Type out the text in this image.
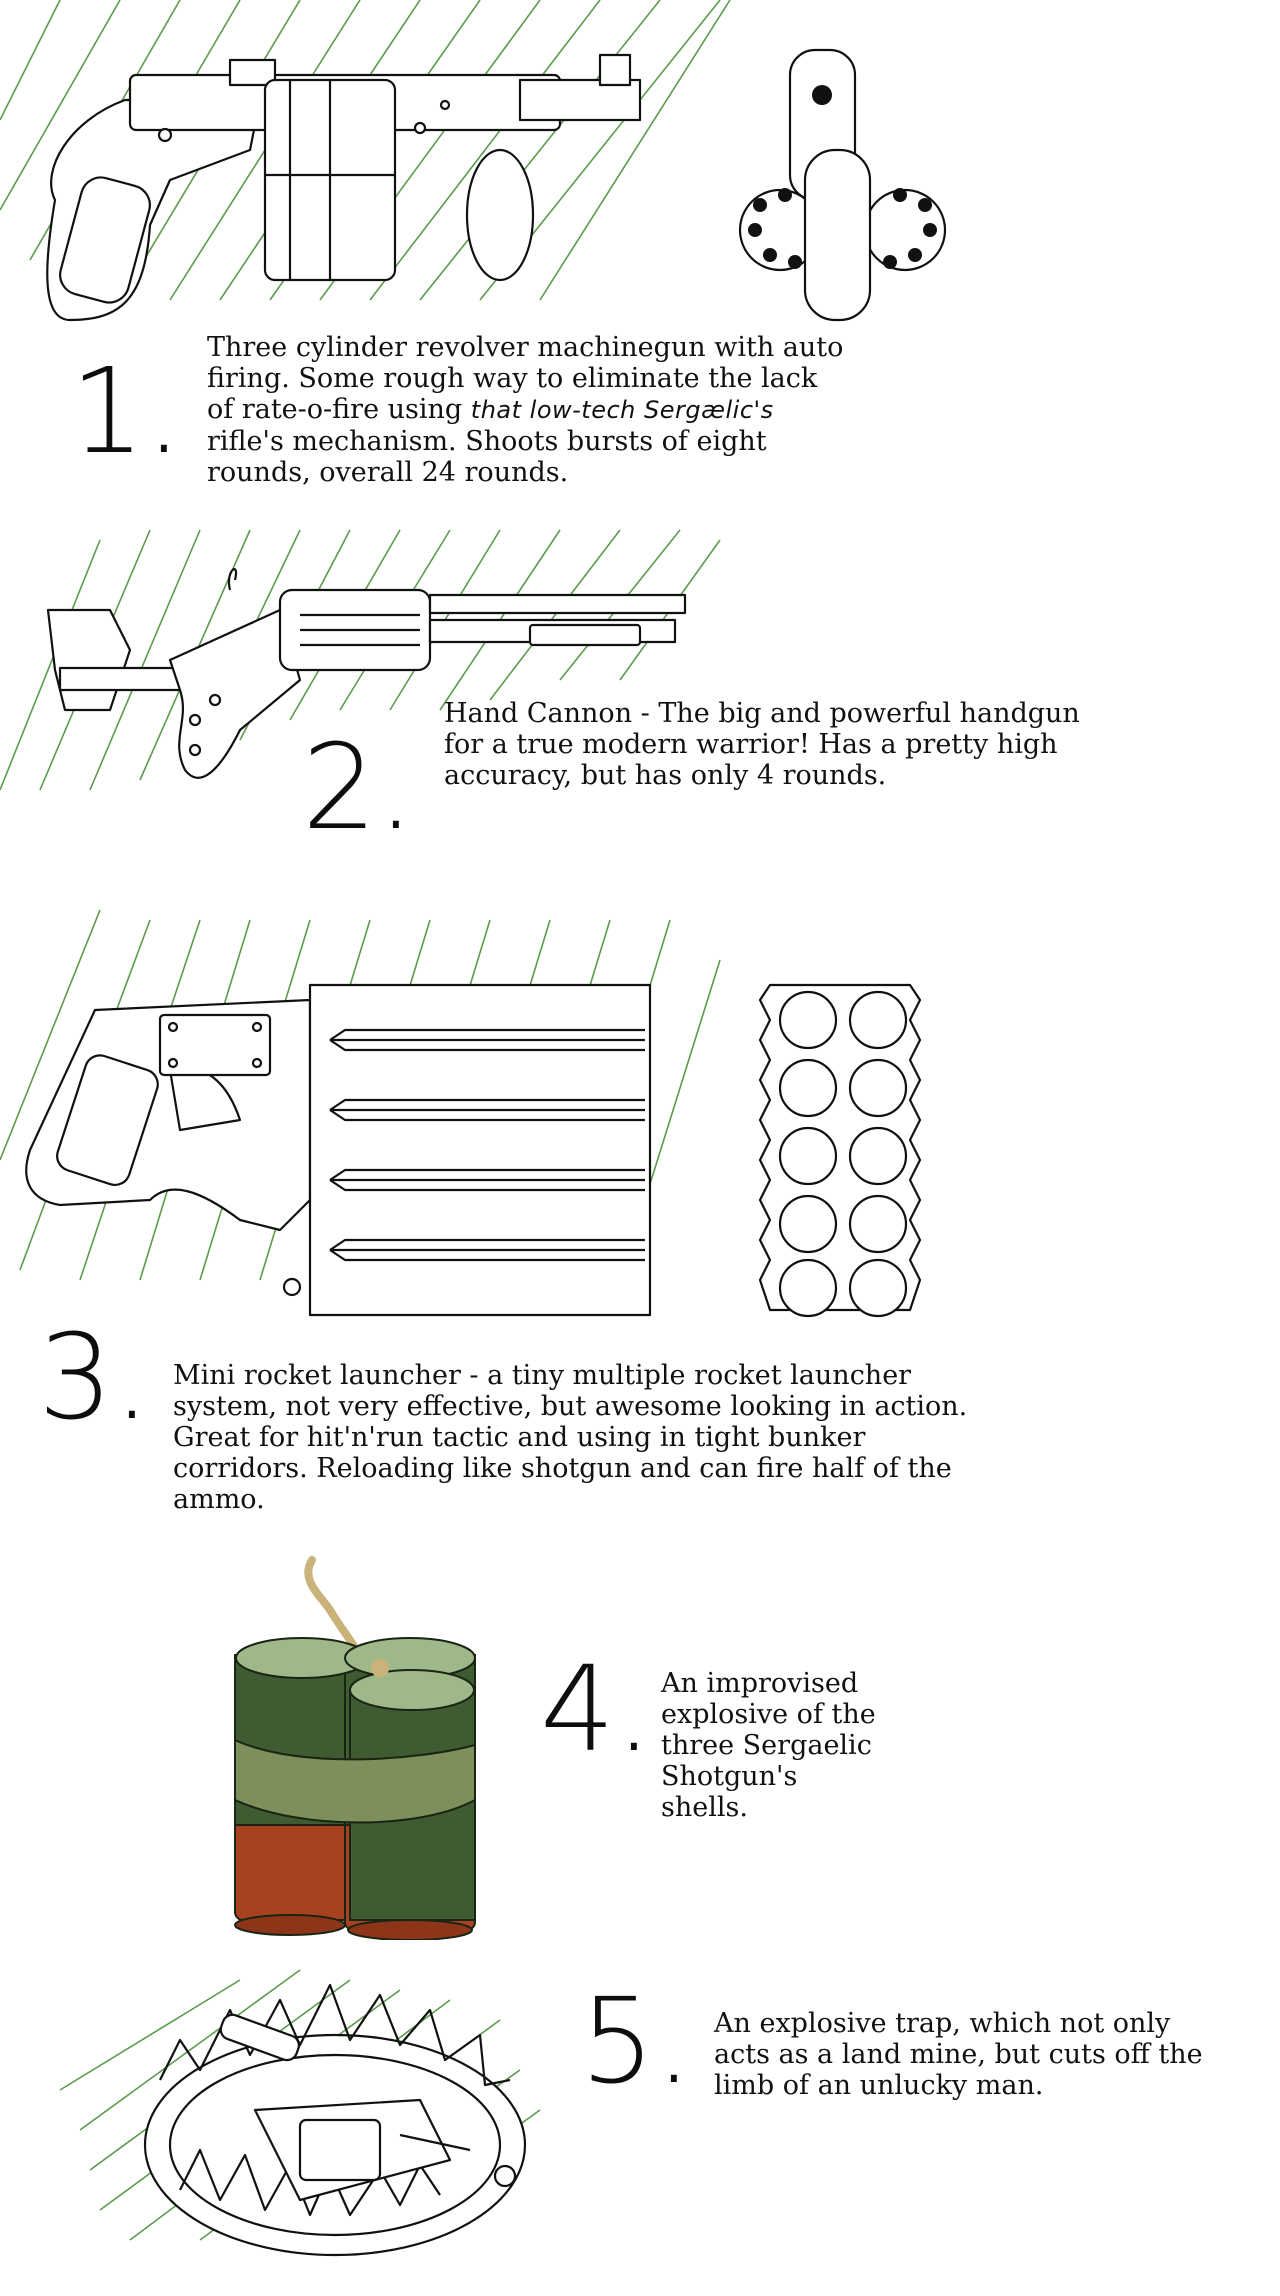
1. Three cylinder revolver machinegun with auto firing. Some rough way to eliminate the lack of rate-o-fire using that low-tech Sergælic's rifle's mechanism. Shoots bursts of eight rounds, overall 24 rounds.
2.
Hand Cannon - The big and powerful handgun for a true modern warrior! Has a pretty high accuracy, but has only 4 rounds.
3. Mini rocket launcher - a tiny multiple rocket launcher system, not very effective, but awesome looking in action. Great for hit'n'run tactic and using in tight bunker corridors. Reloading like shotgun and can fire half of the ammo.
4. An improvised explosive of the three Sergaelic Shotgun's shells.
5. An explosive trap, which not only acts as a land mine, but cuts off the limb of an unlucky man.
